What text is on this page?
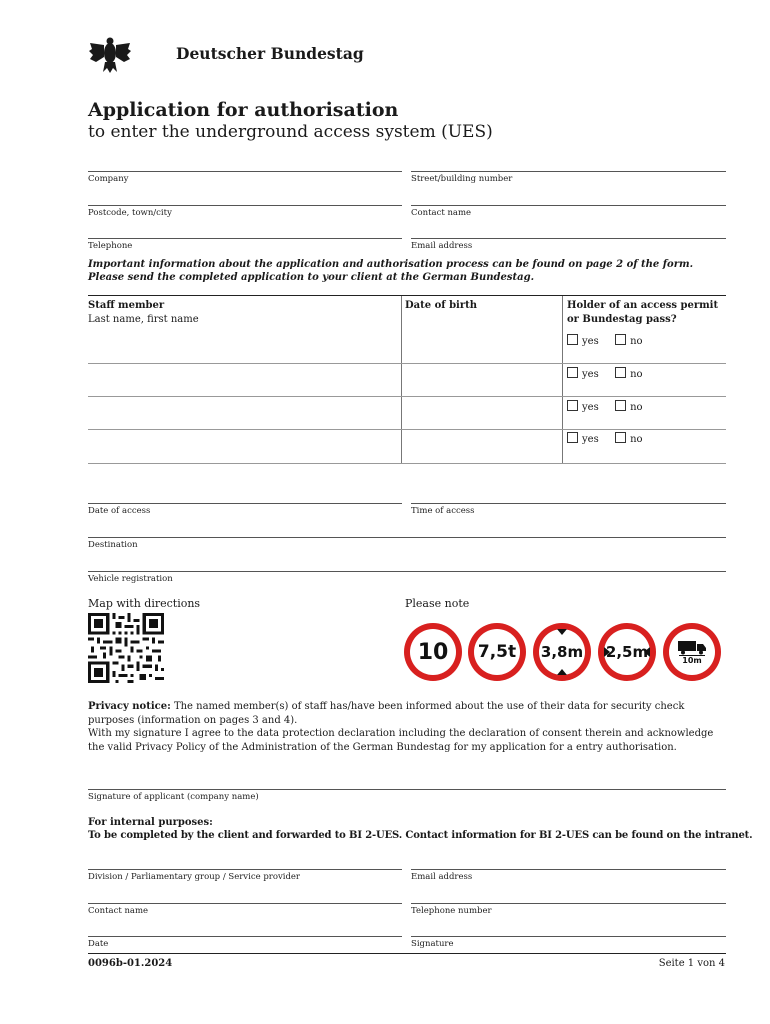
Deutscher Bundestag
Application for authorisation
to enter the underground access system (UES)
Company	Street/building number
Postcode, town/city	Contact name
Telephone	Email address
Important information about the application and authorisation process can be found on page 2 of the form.
Please send the completed application to your client at the German Bundestag.
Staff member
Last name, first name
Date of birth	Holder of an access permit
or Bundestag pass?
yes	no
yes	no
yes	no
yes	no
Date of access	Time of access
Destination
Vehicle registration
Map with directions	Please note
10	7,5t 3,8m 2,5m	10m
Privacy notice: The named member(s) of staff has/have been informed about the use of their data for security check
purposes (information on pages 3 and 4).
With my signature I agree to the data protection declaration including the declaration of consent therein and acknowledge
the valid Privacy Policy of the Administration of the German Bundestag for my application for a entry authorisation.
Signature of applicant (company name)
For internal purposes:
To be completed by the client and forwarded to BI 2-UES. Contact information for BI 2-UES can be found on the intranet.
Division / Parliamentary group / Service provider	Email address
Contact name	Telephone number
Date	Signature
0096b-01.2024	Seite 1 von 4
